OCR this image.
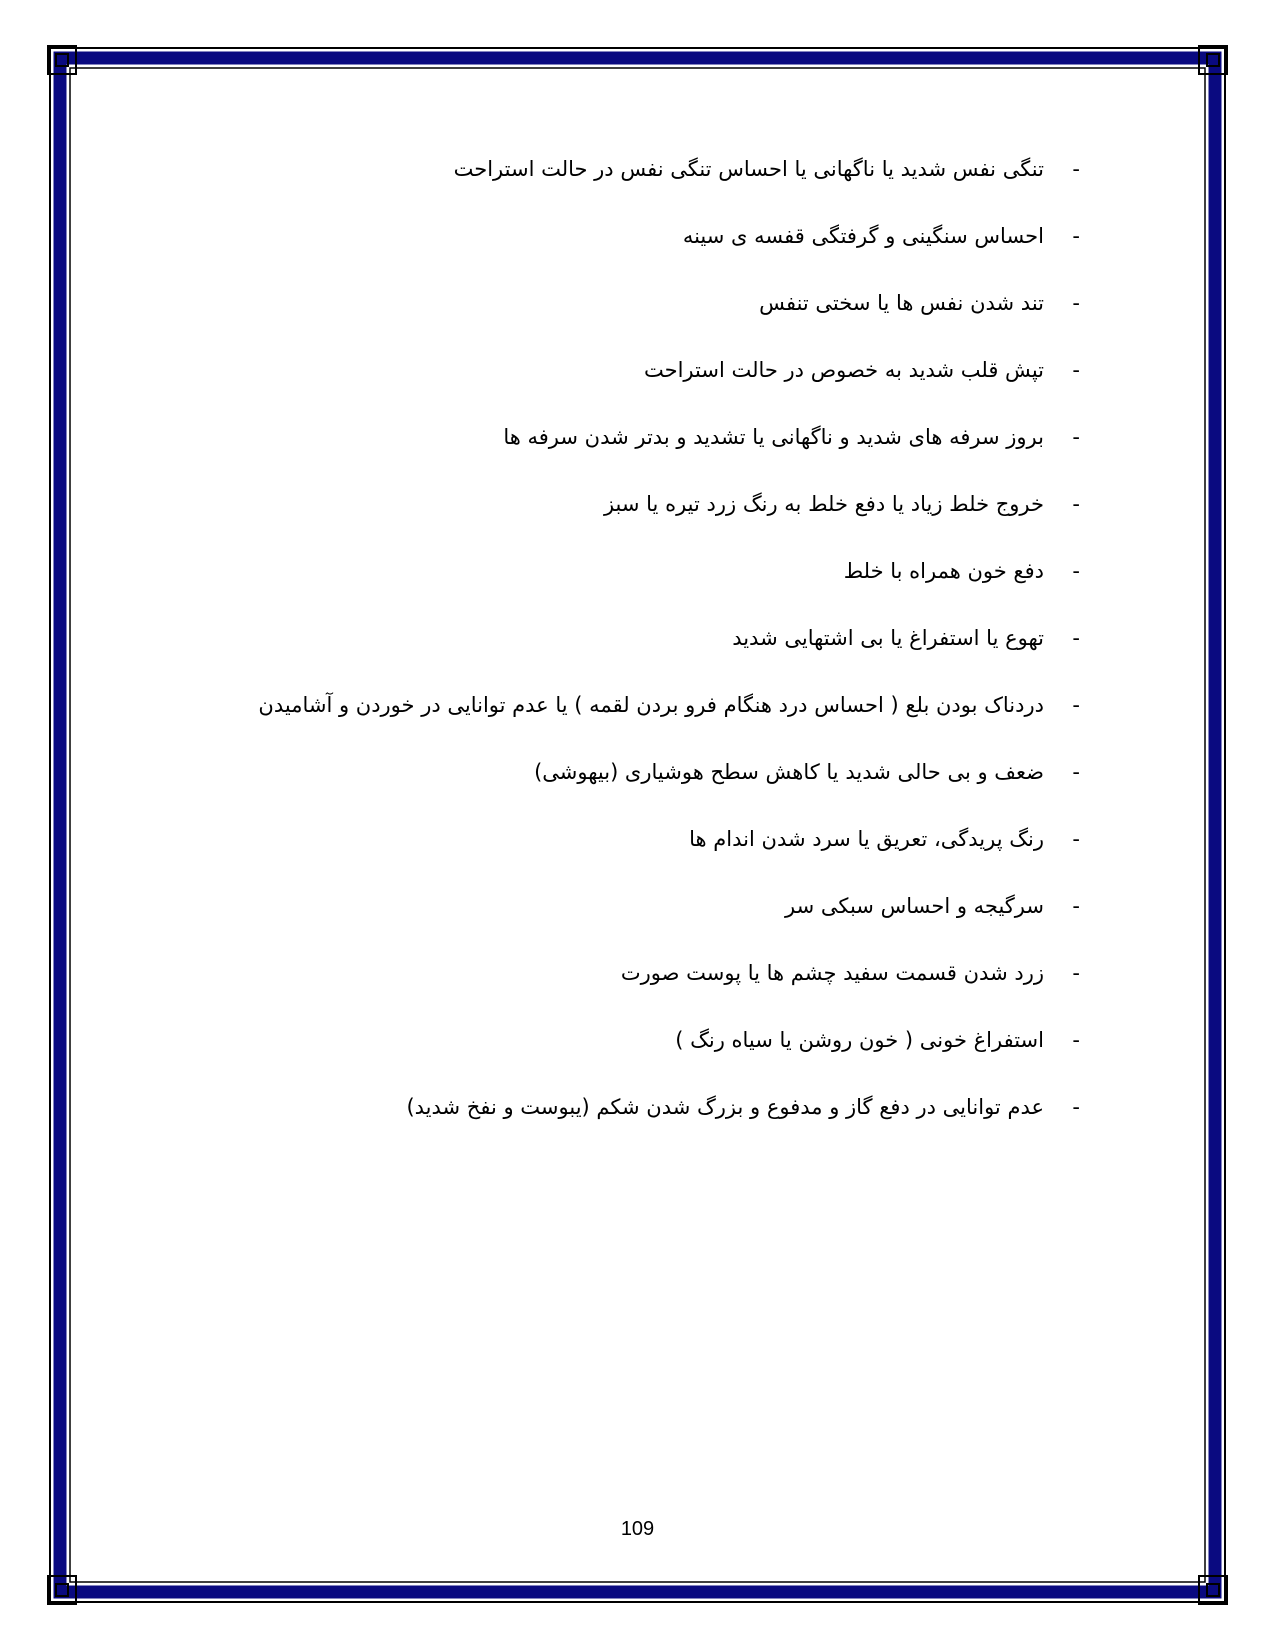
-
تنگی نفس شدید یا ناگهانی یا احساس تنگی نفس در حالت استراحت
-
احساس سنگینی و گرفتگی قفسه ی سینه
-
تند شدن نفس ها یا سختی تنفس
-
تپش قلب شدید به خصوص در حالت استراحت
-
بروز سرفه های شدید و ناگهانی یا تشدید و بدتر شدن سرفه ها
-
خروج خلط زیاد یا دفع خلط به رنگ زرد تیره یا سبز
-
دفع خون همراه با خلط
-
تهوع یا استفراغ یا بی اشتهایی شدید
-
دردناک بودن بلع ( احساس درد هنگام فرو بردن لقمه ) یا عدم توانایی در خوردن و آشامیدن
-
ضعف و بی حالی شدید یا کاهش سطح هوشیاری (بیهوشی)
-
رنگ پریدگی، تعریق یا سرد شدن اندام ها
-
سرگیجه و احساس سبکی سر
-
زرد شدن قسمت سفید چشم ها یا پوست صورت
-
استفراغ خونی ( خون روشن یا سیاه رنگ )
-
عدم توانایی در دفع گاز و مدفوع و بزرگ شدن شکم (یبوست و نفخ شدید)
109
